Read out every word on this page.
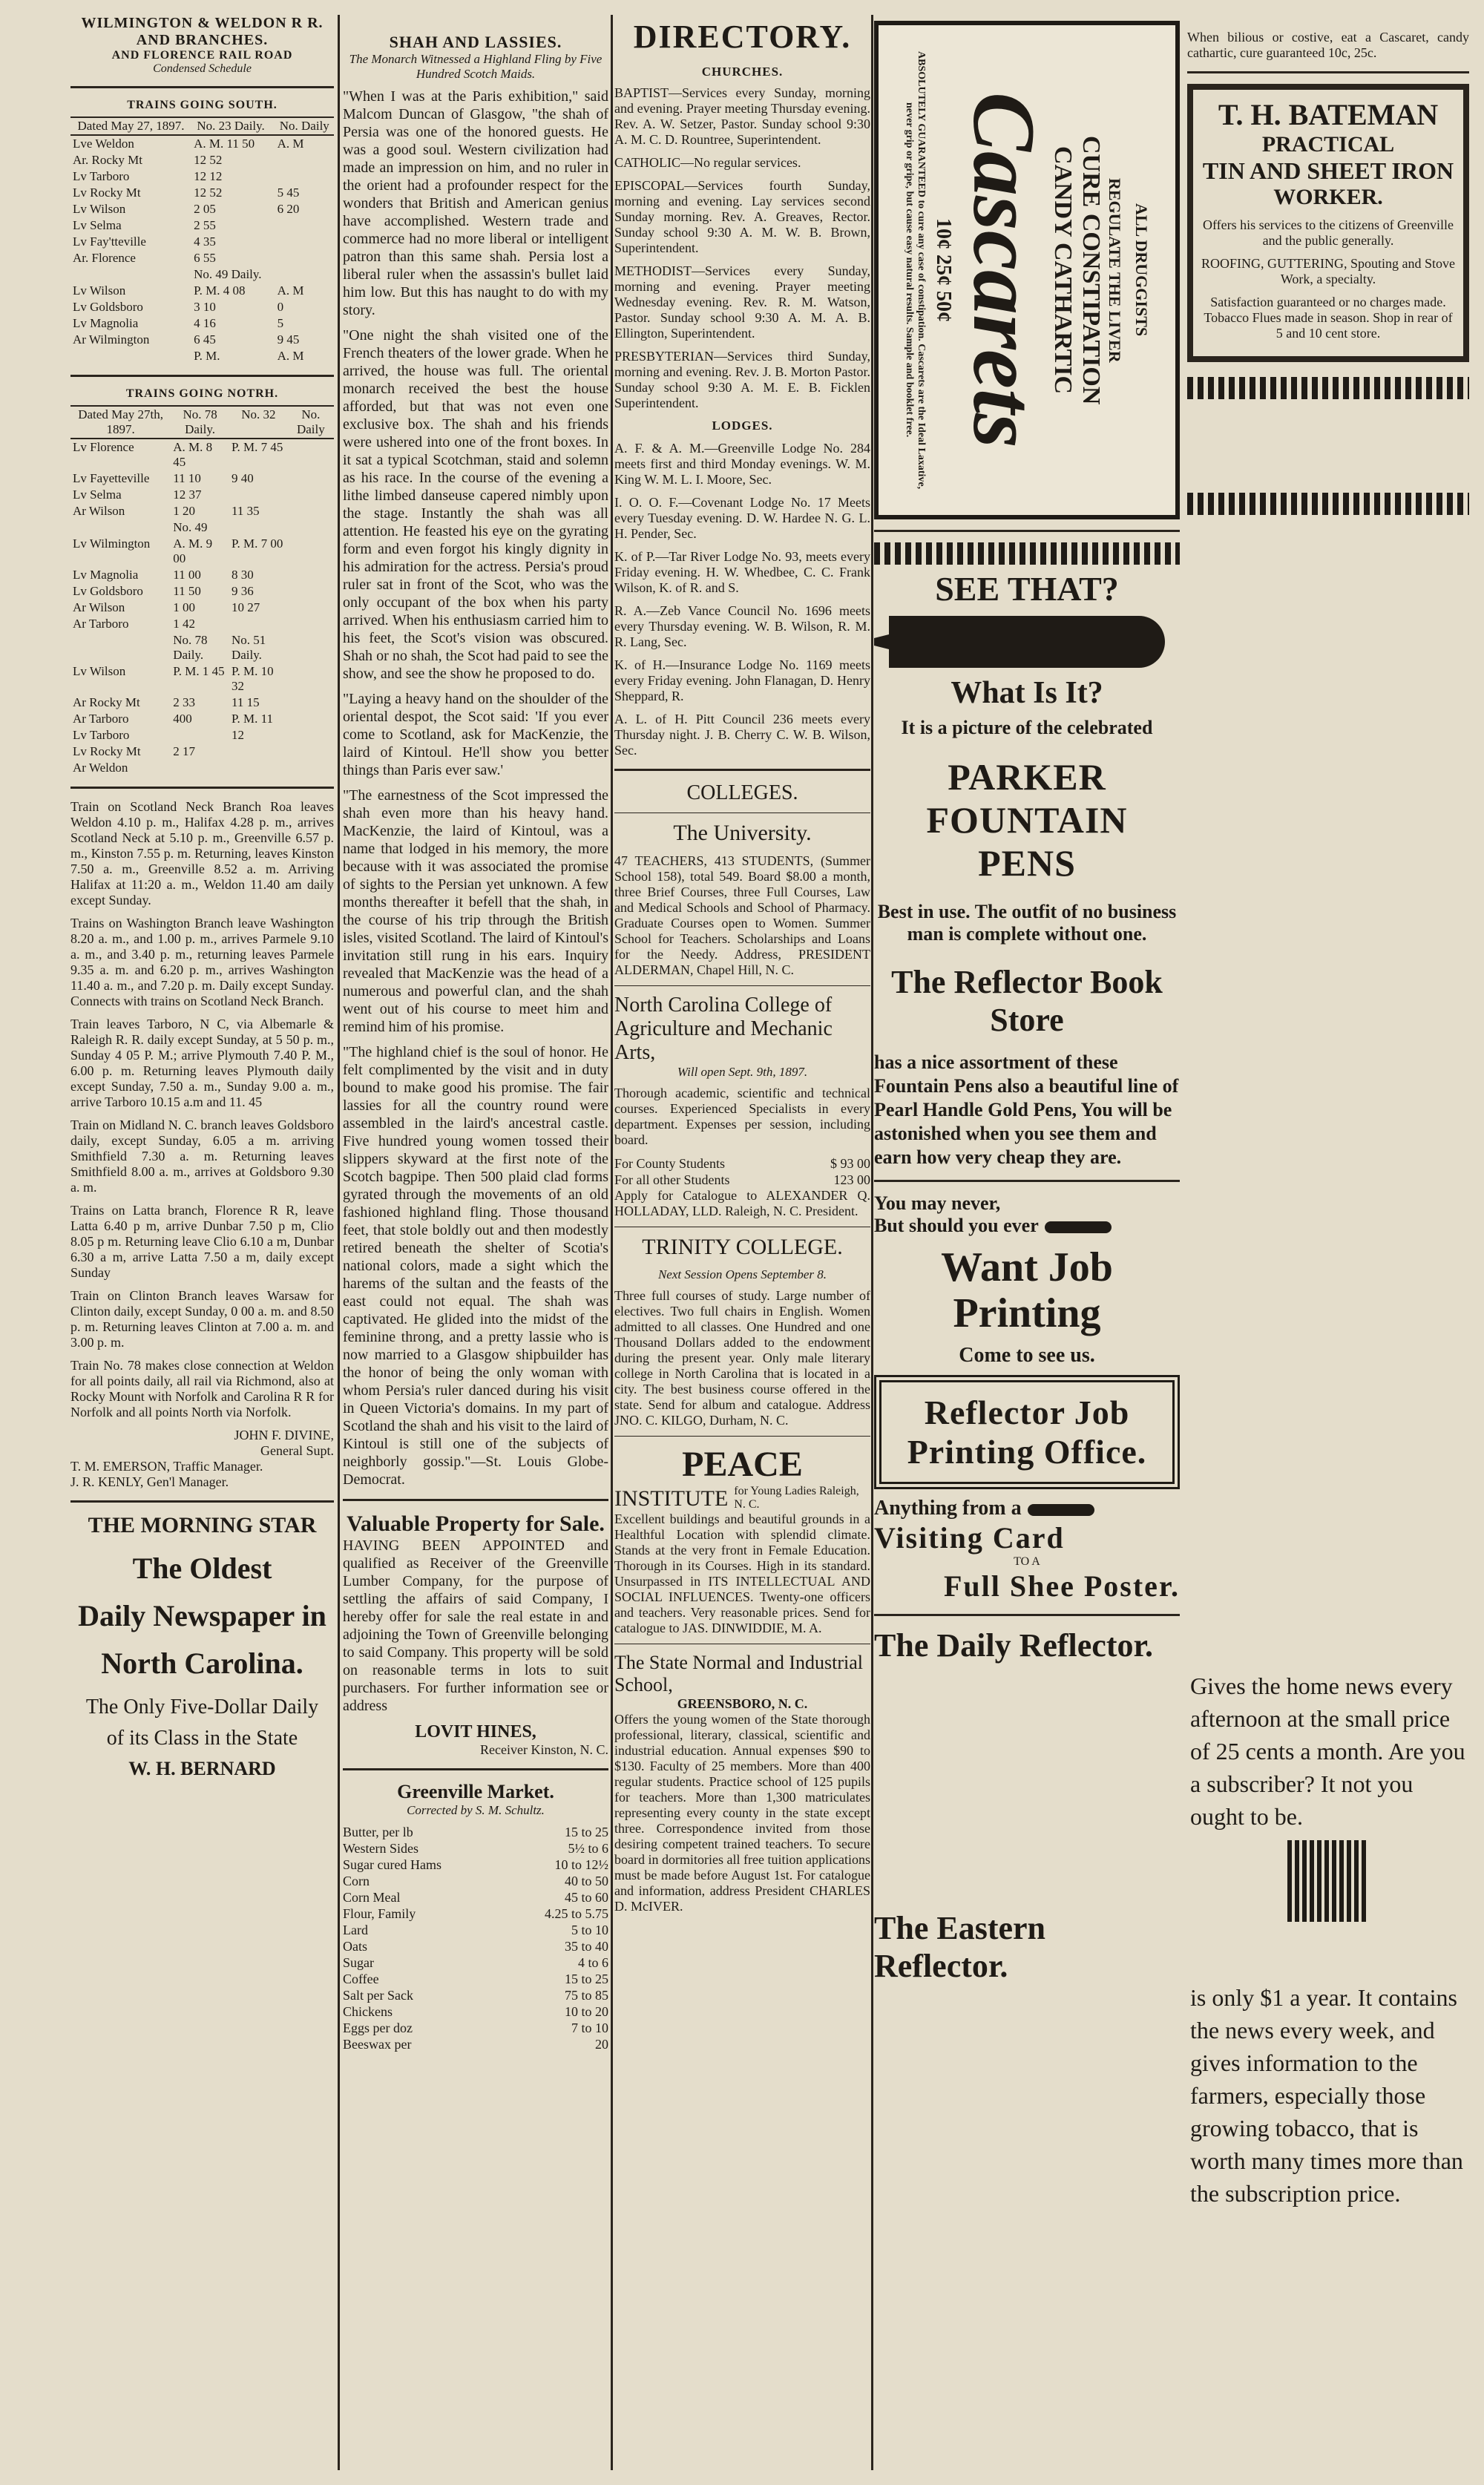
WILMINGTON & WELDON R R.
AND BRANCHES.
AND FLORENCE RAIL ROAD
Condensed Schedule
TRAINS GOING SOUTH.
Dated May 27, 1897.	No. 23 Daily.		No. Daily
Lve Weldon	A. M. 11 50		A. M
Ar. Rocky Mt	12 52		
Lv Tarboro	12 12		
Lv Rocky Mt	12 52		5 45
Lv Wilson	2 05		6 20
Lv Selma	2 55		
Lv Fay'tteville	4 35		
Ar. Florence	6 55		
	No. 49 Daily.		
Lv Wilson	P. M. 4 08		A. M
Lv Goldsboro	3 10		0
Lv Magnolia	4 16		5
Ar Wilmington	6 45		9 45
	P. M.		A. M
TRAINS GOING NOTRH.
Dated May 27th, 1897.	No. 78 Daily.	No. 32	No. Daily
Lv Florence	A. M. 8 45	P. M. 7 45	
Lv Fayetteville	11 10	9 40	
Lv Selma	12 37		
Ar Wilson	1 20	11 35	
	No. 49		
Lv Wilmington	A. M. 9 00	P. M. 7 00	
Lv Magnolia	11 00	8 30	
Lv Goldsboro	11 50	9 36	
Ar Wilson	1 00	10 27	
Ar Tarboro	1 42		
	No. 78 Daily.	No. 51 Daily.	
Lv Wilson	P. M. 1 45	P. M. 10 32	
Ar Rocky Mt	2 33	11 15	
Ar Tarboro	400	P. M. 11	
Lv Tarboro		12	
Lv Rocky Mt	2 17		
Ar Weldon			

Train on Scotland Neck Branch Roa leaves Weldon 4.10 p. m., Halifax 4.28 p. m., arrives Scotland Neck at 5.10 p. m., Greenville 6.57 p. m., Kinston 7.55 p. m. Returning, leaves Kinston 7.50 a. m., Greenville 8.52 a. m. Arriving Halifax at 11:20 a. m., Weldon 11.40 am daily except Sunday.

Trains on Washington Branch leave Washington 8.20 a. m., and 1.00 p. m., arrives Parmele 9.10 a. m., and 3.40 p. m., returning leaves Parmele 9.35 a. m. and 6.20 p. m., arrives Washington 11.40 a. m., and 7.20 p. m. Daily except Sunday. Connects with trains on Scotland Neck Branch.

Train leaves Tarboro, N C, via Albemarle & Raleigh R. R. daily except Sunday, at 5 50 p. m., Sunday 4 05 P. M.; arrive Plymouth 7.40 P. M., 6.00 p. m. Returning leaves Plymouth daily except Sunday, 7.50 a. m., Sunday 9.00 a. m., arrive Tarboro 10.15 a.m and 11. 45

Train on Midland N. C. branch leaves Goldsboro daily, except Sunday, 6.05 a m. arriving Smithfield 7.30 a. m. Returning leaves Smithfield 8.00 a. m., arrives at Goldsboro 9.30 a. m.

Trains on Latta branch, Florence R R, leave Latta 6.40 p m, arrive Dunbar 7.50 p m, Clio 8.05 p m. Returning leave Clio 6.10 a m, Dunbar 6.30 a m, arrive Latta 7.50 a m, daily except Sunday

Train on Clinton Branch leaves Warsaw for Clinton daily, except Sunday, 0 00 a. m. and 8.50 p. m. Returning leaves Clinton at 7.00 a. m. and 3.00 p. m.

Train No. 78 makes close connection at Weldon for all points daily, all rail via Richmond, also at Rocky Mount with Norfolk and Carolina R R for Norfolk and all points North via Norfolk.

JOHN F. DIVINE,
General Supt.
T. M. EMERSON, Traffic Manager.
J. R. KENLY, Gen'l Manager.
THE MORNING STAR
The Oldest
Daily Newspaper in
North Carolina.
The Only Five-Dollar Daily
of its Class in the State
W. H. BERNARD
SHAH AND LASSIES.
The Monarch Witnessed a Highland Fling by Five Hundred Scotch Maids.

"When I was at the Paris exhibition," said Malcom Duncan of Glasgow, "the shah of Persia was one of the honored guests. He was a good soul. Western civilization had made an impression on him, and no ruler in the orient had a profounder respect for the wonders that British and American genius have accomplished. Western trade and commerce had no more liberal or intelligent patron than this same shah. Persia lost a liberal ruler when the assassin's bullet laid him low. But this has naught to do with my story.

"One night the shah visited one of the French theaters of the lower grade. When he arrived, the house was full. The oriental monarch received the best the house afforded, but that was not even one exclusive box. The shah and his friends were ushered into one of the front boxes. In it sat a typical Scotchman, staid and solemn as his race. In the course of the evening a lithe limbed danseuse capered nimbly upon the stage. Instantly the shah was all attention. He feasted his eye on the gyrating form and even forgot his kingly dignity in his admiration for the actress. Persia's proud ruler sat in front of the Scot, who was the only occupant of the box when his party arrived. When his enthusiasm carried him to his feet, the Scot's vision was obscured. Shah or no shah, the Scot had paid to see the show, and see the show he proposed to do.

"Laying a heavy hand on the shoulder of the oriental despot, the Scot said: 'If you ever come to Scotland, ask for MacKenzie, the laird of Kintoul. He'll show you better things than Paris ever saw.'

"The earnestness of the Scot impressed the shah even more than his heavy hand. MacKenzie, the laird of Kintoul, was a name that lodged in his memory, the more because with it was associated the promise of sights to the Persian yet unknown. A few months thereafter it befell that the shah, in the course of his trip through the British isles, visited Scotland. The laird of Kintoul's invitation still rung in his ears. Inquiry revealed that MacKenzie was the head of a numerous and powerful clan, and the shah went out of his course to meet him and remind him of his promise.

"The highland chief is the soul of honor. He felt complimented by the visit and in duty bound to make good his promise. The fair lassies for all the country round were assembled in the laird's ancestral castle. Five hundred young women tossed their slippers skyward at the first note of the Scotch bagpipe. Then 500 plaid clad forms gyrated through the movements of an old fashioned highland fling. Those thousand feet, that stole boldly out and then modestly retired beneath the shelter of Scotia's national colors, made a sight which the harems of the sultan and the feasts of the east could not equal. The shah was captivated. He glided into the midst of the feminine throng, and a pretty lassie who is now married to a Glasgow shipbuilder has the honor of being the only woman with whom Persia's ruler danced during his visit in Queen Victoria's domains. In my part of Scotland the shah and his visit to the laird of Kintoul is still one of the subjects of neighborly gossip."—St. Louis Globe-Democrat.

Valuable Property for Sale.

HAVING BEEN APPOINTED and qualified as Receiver of the Greenville Lumber Company, for the purpose of settling the affairs of said Company, I hereby offer for sale the real estate in and adjoining the Town of Greenville belonging to said Company. This property will be sold on reasonable terms in lots to suit purchasers. For further information see or address

LOVIT HINES,
Receiver Kinston, N. C.
Greenville Market.
Corrected by S. M. Schultz.
Butter, per lb	15 to 25
Western Sides	5½ to 6
Sugar cured Hams	10 to 12½
Corn	40 to 50
Corn Meal	45 to 60
Flour, Family	4.25 to 5.75
Lard	5 to 10
Oats	35 to 40
Sugar	4 to 6
Coffee	15 to 25
Salt per Sack	75 to 85
Chickens	10 to 20
Eggs per doz	7 to 10
Beeswax per	20
DIRECTORY.
CHURCHES.

BAPTIST—Services every Sunday, morning and evening. Prayer meeting Thursday evening. Rev. A. W. Setzer, Pastor. Sunday school 9:30 A. M. C. D. Rountree, Superintendent.

CATHOLIC—No regular services.

EPISCOPAL—Services fourth Sunday, morning and evening. Lay services second Sunday morning. Rev. A. Greaves, Rector. Sunday school 9:30 A. M. W. B. Brown, Superintendent.

METHODIST—Services every Sunday, morning and evening. Prayer meeting Wednesday evening. Rev. R. M. Watson, Pastor. Sunday school 9:30 A. M. A. B. Ellington, Superintendent.

PRESBYTERIAN—Services third Sunday, morning and evening. Rev. J. B. Morton Pastor. Sunday school 9:30 A. M. E. B. Ficklen Superintendent.

LODGES.

A. F. & A. M.—Greenville Lodge No. 284 meets first and third Monday evenings. W. M. King W. M. L. I. Moore, Sec.

I. O. O. F.—Covenant Lodge No. 17 Meets every Tuesday evening. D. W. Hardee N. G. L. H. Pender, Sec.

K. of P.—Tar River Lodge No. 93, meets every Friday evening. H. W. Whedbee, C. C. Frank Wilson, K. of R. and S.

R. A.—Zeb Vance Council No. 1696 meets every Thursday evening. W. B. Wilson, R. M. R. Lang, Sec.

K. of H.—Insurance Lodge No. 1169 meets every Friday evening. John Flanagan, D. Henry Sheppard, R.

A. L. of H. Pitt Council 236 meets every Thursday night. J. B. Cherry C. W. B. Wilson, Sec.

COLLEGES.
The University.

47 TEACHERS, 413 STUDENTS, (Summer School 158), total 549. Board $8.00 a month, three Brief Courses, three Full Courses, Law and Medical Schools and School of Pharmacy. Graduate Courses open to Women. Summer School for Teachers. Scholarships and Loans for the Needy. Address, PRESIDENT ALDERMAN, Chapel Hill, N. C.

North Carolina College of Agriculture and Mechanic Arts,
Will open Sept. 9th, 1897.

Thorough academic, scientific and technical courses. Experienced Specialists in every department. Expenses per session, including board.

For County Students	$ 93 00
For all other Students	123 00

Apply for Catalogue to ALEXANDER Q. HOLLADAY, LLD. Raleigh, N. C. President.

TRINITY COLLEGE.
Next Session Opens September 8.

Three full courses of study. Large number of electives. Two full chairs in English. Women admitted to all classes. One Hundred and one Thousand Dollars added to the endowment during the present year. Only male literary college in North Carolina that is located in a city. The best business course offered in the state. Send for album and catalogue. Address JNO. C. KILGO, Durham, N. C.

PEACE
INSTITUTE for Young Ladies Raleigh, N. C.

Excellent buildings and beautiful grounds in a Healthful Location with splendid climate. Stands at the very front in Female Education. Thorough in its Courses. High in its standard. Unsurpassed in ITS INTELLECTUAL AND SOCIAL INFLUENCES. Twenty-one officers and teachers. Very reasonable prices. Send for catalogue to JAS. DINWIDDIE, M. A.

The State Normal and Industrial School,
GREENSBORO, N. C.

Offers the young women of the State thorough professional, literary, classical, scientific and industrial education. Annual expenses $90 to $130. Faculty of 25 members. More than 400 regular students. Practice school of 125 pupils for teachers. More than 1,300 matriculates representing every county in the state except three. Correspondence invited from those desiring competent trained teachers. To secure board in dormitories all free tuition applications must be made before August 1st. For catalogue and information, address President CHARLES D. McIVER.

ABSOLUTELY GUARANTEED to cure any case of constipation. Cascarets are the Ideal Laxative, never grip or gripe, but cause easy natural results. Sample and booklet free. 10¢ 25¢ 50¢ Cascarets
CANDY CATHARTIC CURE CONSTIPATION REGULATE THE LIVER ALL DRUGGISTS
SEE THAT?
What Is It?
It is a picture of the celebrated
PARKER FOUNTAIN PENS
Best in use. The outfit of no business man is complete without one.
The Reflector Book Store
has a nice assortment of these Fountain Pens also a beautiful line of Pearl Handle Gold Pens, You will be astonished when you see them and earn how very cheap they are.
You may never,
But should you ever
Want Job Printing
Come to see us.
Reflector Job Printing Office.
Anything from a
Visiting Card
TO A
Full Shee Poster.
The Daily Reflector.
The Eastern Reflector.

When bilious or costive, eat a Cascaret, candy cathartic, cure guaranteed 10c, 25c.

T. H. BATEMAN
PRACTICAL
TIN AND SHEET IRON
WORKER.

Offers his services to the citizens of Greenville and the public generally.

ROOFING, GUTTERING, Spouting and Stove Work, a specialty.

Satisfaction guaranteed or no charges made. Tobacco Flues made in season. Shop in rear of 5 and 10 cent store.

Gives the home news every afternoon at the small price of 25 cents a month. Are you a subscriber? It not you ought to be.
is only $1 a year. It contains the news every week, and gives information to the farmers, especially those growing tobacco, that is worth many times more than the subscription price.
